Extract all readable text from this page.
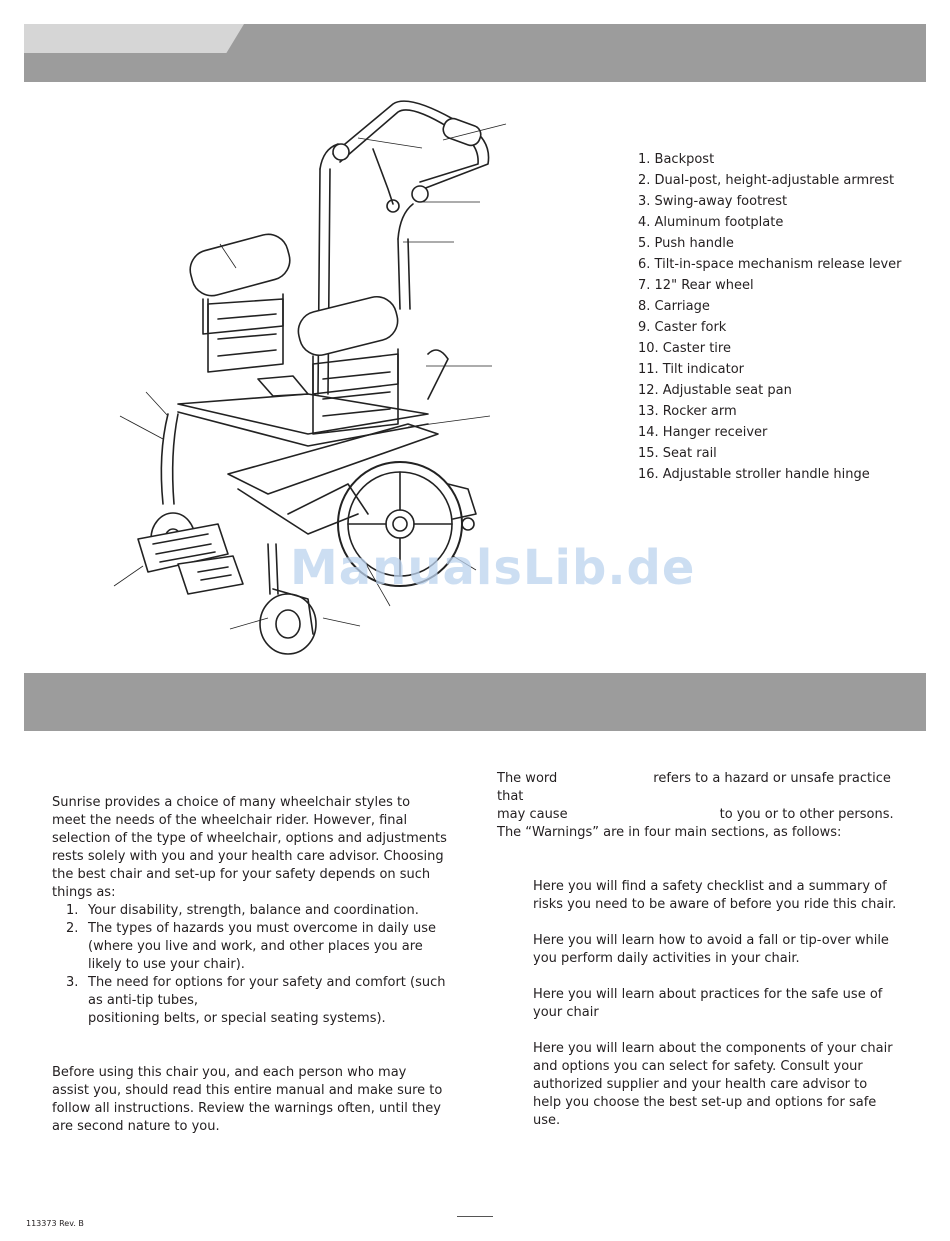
1. Backpost
2. Dual-post, height-adjustable armrest
3. Swing-away footrest
4. Aluminum footplate
5. Push handle
6. Tilt-in-space mechanism release lever
7. 12" Rear wheel
8. Carriage
9. Caster fork
10. Caster tire
11. Tilt indicator
12. Adjustable seat pan
13. Rocker arm
14. Hanger receiver
15. Seat rail
16. Adjustable stroller handle hinge
ManualsLib.de

Sunrise provides a choice of many wheelchair styles to meet the needs of the wheelchair rider. However, final selection of the type of wheelchair, options and adjustments rests solely with you and your health care advisor. Choosing the best chair and set-up for your safety depends on such things as:

1. Your disability, strength, balance and coordination.
2. The types of hazards you must overcome in daily use (where you live and work, and other places you are likely to use your chair).
3. The need for options for your safety and comfort (such as anti-tip tubes,
positioning belts, or special seating systems).

Before using this chair you, and each person who may assist you, should read this entire manual and make sure to follow all instructions. Review the warnings often, until they are second nature to you.

The word	refers to a hazard or unsafe practice that

may cause	to you or to other persons.

The “Warnings” are in four main sections, as follows:

Here you will find a safety checklist and a summary of risks you need to be aware of before you ride this chair.
Here you will learn how to avoid a fall or tip-over while you perform daily activities in your chair.
Here you will learn about practices for the safe use of your chair
Here you will learn about the components of your chair and options you can select for safety. Consult your authorized supplier and your health care advisor to help you choose the best set-up and options for safe use.
113373 Rev. B
